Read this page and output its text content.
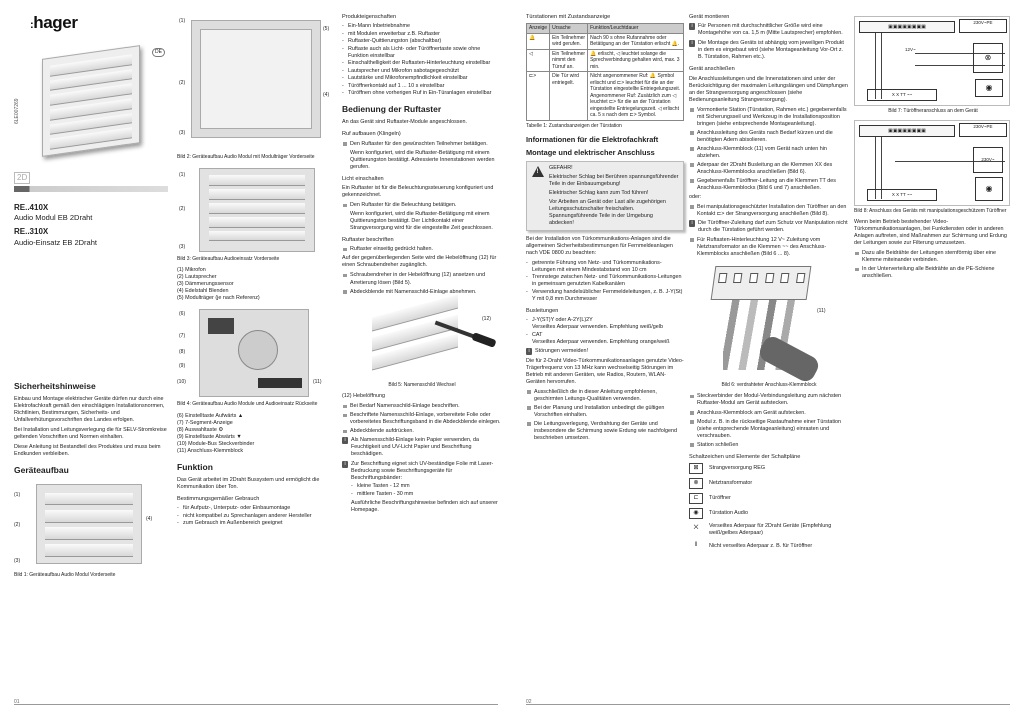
:hager
DE
6LE007269
2D
RE..410X
Audio Modul EB 2Draht
RE..310X
Audio-Einsatz EB 2Draht
Sicherheitshinweise
Einbau und Montage elektrischer Geräte dürfen nur durch eine Elektrofachkraft gemäß den einschlägigen Installationsnormen, Richtlinien, Bestimmungen, Sicherheits- und Unfallverhütungsvorschriften des Landes erfolgen.
Bei Installation und Leitungsverlegung die für SELV-Stromkreise geltenden Vorschriften und Normen einhalten.
Diese Anleitung ist Bestandteil des Produktes und muss beim Endkunden verbleiben.
Geräteaufbau
(1)
(2)
(3)
(4)
Bild 1: Geräteaufbau Audio Modul Vorderseite
(1)
(5)
(2)
(4)
(3)
Bild 2: Geräteaufbau Audio Modul mit Modulträger Vorderseite
(1)
(2)
(3)
Bild 3: Geräteaufbau Audioeinsatz Vorderseite
(1) Mikrofon
(2) Lautsprecher
(3) Dämmerungssensor
(4) Edelstahl Blenden
(5) Modulträger (je nach Referenz)
(6)
(7)
(8)
(9)
(10)	(11)
Bild 4: Geräteaufbau Audio Module und Audioeinsatz Rückseite
(6) Einstelltaste Aufwärts ▲
(7) 7-Segment-Anzeige
(8) Auswahltaste ⚙
(9) Einstelltaste Abwärts ▼
(10) Module-Bus Steckverbinder
(11) Anschluss-Klemmblock
Funktion
Das Gerät arbeitet im 2Draht Bussystem und ermöglicht die Kommunikation über Ton.
Bestimmungsgemäßer Gebrauch
- für Aufputz-, Unterputz- oder Einbaumontage
- nicht kompatibel zu Sprechanlagen anderer Hersteller
- zum Gebrauch im Außenbereich geeignet
Produkteigenschaften
- Ein-Mann Inbetriebnahme
- mit Modulen erweiterbar z.B. Ruftaster
- Ruftaster-Quittierungston (abschaltbar)
- Ruftaste auch als Licht- oder Türöffnertaste sowie ohne Funktion einstellbar
- Einschalthelligkeit der Ruftasten-Hinterleuchtung einstellbar
- Lautsprecher und Mikrofon sabotagegeschützt
- Lautstärke und Mikrofonempfindlichkeit einstellbar
- Türöffnerkontakt auf 1 ... 10 s einstellbar
- Türöffnen ohne vorherigen Ruf in Ein-Türanlagen einstellbar
Bedienung der Ruftaster
An das Gerät sind Ruftaster-Module angeschlossen.
Ruf aufbauen (Klingeln)
Den Ruftaster für den gewünschten Teilnehmer betätigen.
Wenn konfiguriert, wird die Ruftaster-Betätigung mit einem Quittierungston bestätigt. Adressierte Innenstationen werden gerufen.
Licht einschalten
Ein Ruftaster ist für die Beleuchtungssteuerung konfiguriert und gekennzeichnet.
Den Ruftaster für die Beleuchtung betätigen.
Wenn konfiguriert, wird die Ruftaster-Betätigung mit einem Quittierungston bestätigt. Der Lichtkontakt einer Strangversorgung wird für die eingestellte Zeit geschlossen.
Ruftaster beschriften
Ruftaster einseitig gedrückt halten.
Auf der gegenüberliegenden Seite wird die Hebelöffnung (12) für einen Schraubendreher zugänglich.
Schraubendreher in der Hebelöffnung (12) ansetzen und Arretierung lösen (Bild 5).
Abdeckblende mit Namensschild-Einlage abnehmen.
(12)
Bild 5: Namensschild Wechsel
(12) Hebelöffnung
Bei Bedarf Namensschild-Einlage beschriften.
Beschriftete Namensschild-Einlage, vorbereitete Folie oder vorbereitetes Beschriftungsband in die Abdeckblende einlegen.
Abdeckblende aufdrücken.
i	Als Namensschild-Einlage kein Papier verwenden, da Feuchtigkeit und UV-Licht Papier und Beschriftung beschädigen.
i	Zur Beschriftung eignet sich UV-beständige Folie mit Laser-Bedruckung sowie Beschriftungsgeräte für Beschriftungsbänder:
- kleine Tasten - 12 mm
- mittlere Tasten - 30 mm
Ausführliche Beschriftungshinweise befinden sich auf unserer Homepage.
01
Türstationen mit Zustandsanzeige
Anzeige	Ursache	Funktion/Leuchtdauer
🔔	Ein Teilnehmer wird gerufen.	Nach 90 s ohne Rufannahme oder Betätigung an der Türstation erlischt 🔔.
◁	Ein Teilnehmer nimmt den Türruf an.	🔔 erlischt, ◁ leuchtet solange die Sprechverbindung gehalten wird, max. 3 min.
⊏>	Die Tür wird entriegelt.	Nicht angenommener Ruf: 🔔 Symbol erlischt und ⊏> leuchtet für die an der Türstation eingestellte Entriegelungszeit. Angenommener Ruf: Zusätzlich zum ◁ leuchtet ⊏> für die an der Türstation eingestellte Entriegelungszeit. ◁ erlischt ca. 5 s nach dem ⊏> Symbol.
Tabelle 1: Zustandsanzeigen der Türstation
Informationen für die Elektrofachkraft
Montage und elektrischer Anschluss
!
GEFAHR!
Elektrischer Schlag bei Berühren spannungsführender Teile in der Einbauumgebung!
Elektrischer Schlag kann zum Tod führen!
Vor Arbeiten an Gerät oder Last alle zugehörigen Leitungsschutzschalter freischalten. Spannungsführende Teile in der Umgebung abdecken!
Bei der Installation von Türkommunikations-Anlagen sind die allgemeinen Sicherheitsbestimmungen für Fernmeldeanlagen nach VDE 0800 zu beachten:
- getrennte Führung von Netz- und Türkommunikations-Leitungen mit einem Mindestabstand von 10 cm
- Trennstege zwischen Netz- und Türkommunikations-Leitungen in gemeinsam genutzten Kabelkanälen
- Verwendung handelsüblicher Fernmeldeleitungen, z. B. J-Y(St) Y mit 0,8 mm Durchmesser
Busleitungen
- J-Y(ST)Y oder A-2Y(L)2Y
Verseiltes Aderpaar verwenden. Empfehlung weiß/gelb
- CAT
Verseiltes Aderpaar verwenden. Empfehlung orange/weiß
i	Störungen vermeiden!
Die für 2-Draht Video-Türkommunikationsanlagen genutzte Video-Trägerfrequenz von 13 MHz kann wechselseitig Störungen im Betrieb mit anderen Geräten, wie Radios, Routern, WLAN-Geräten hervorrufen.
Ausschließlich die in dieser Anleitung empfohlenen, geschirmten Leitungs-Qualitäten verwenden.
Bei der Planung und Installation unbedingt die gültigen Vorschriften einhalten.
Die Leitungsverlegung, Verdrahtung der Geräte und insbesondere die Schirmung sowie Erdung wie nachfolgend beschrieben umsetzen.
Gerät montieren
i	Für Personen mit durchschnittlicher Größe wird eine Montagehöhe von ca. 1,5 m (Mitte Lautsprecher) empfohlen.
i	Die Montage des Geräts ist abhängig vom jeweiligen Produkt in dem es eingebaut wird (siehe Montageanleitung Vor-Ort z. B. Türstation, Rahmen etc.).
Gerät anschließen
Die Anschlussleitungen und die Innenstationen sind unter der Berücksichtigung der maximalen Leitungslängen und Dämpfungen an der Strangversorgung angeschlossen (siehe Bedienungsanleitung Strangversorgung).
Vormontierte Station (Türstation, Rahmen etc.) gegebenenfalls mit Sicherungsseil und Werkzeug in die Installationsposition bringen (siehe entsprechende Montageanleitung).
Anschlussleitung des Geräts nach Bedarf kürzen und die benötigten Adern abisolieren.
Anschluss-Klemmblock (11) vom Gerät nach unten hin abziehen.
Aderpaar der 2Draht Busleitung an die Klemmen XX des Anschluss-Klemmblocks anschließen (Bild 6).
Gegebenenfalls Türöffner-Leitung an die Klemmen TT des Anschluss-Klemmblocks (Bild 6 und 7) anschließen.
oder:
Bei manipulationsgeschützter Installation den Türöffner an den Kontakt ⊏> der Strangversorgung anschließen (Bild 8).
i	Die Türöffner-Zuleitung darf zum Schutz vor Manipulation nicht durch die Türstation geführt werden.
Für Ruftasten-Hinterleuchtung 12 V~ Zuleitung vom Netztransformator an die Klemmen ~~ des Anschluss-Klemmblocks anschließen (Bild 6 ... 8).
(11)
Bild 6: verdrahteter Anschluss-Klemmblock
Steckverbinder der Modul-Verbindungsleitung zum nächsten Ruftaster-Modul am Gerät aufstecken.
Anschluss-Klemmblock am Gerät aufstecken.
Modul z. B. in die rückseitige Rastaufnahme einer Türstation (siehe entsprechende Montageanleitung) einrasten und verschrauben.
Station schließen
Schaltzeichen und Elemente der Schaltpläne
⊠	Strangversorgung REG
⊗	Netztransformator
⊏	Türöffner
◉	Türstation Audio
⨉	Verseiltes Aderpaar für 2Draht Geräte (Empfehlung weiß/gelbes Aderpaar)
‖	Nicht verseiltes Aderpaar z. B. für Türöffner
▣▣▣▣▣▣▣▣
230V~PE
⊗
12V~
◉
X X TT ~~
Bild 7: Türöffneranschluss an dem Gerät
▣▣▣▣▣▣▣▣
230V~PE
230V~
◉
X X TT ~~
Bild 8: Anschluss des Geräts mit manipulationsgeschützem Türöffner
Wenn beim Betrieb bestehender Video-Türkommunikationsanlagen, bei Funkdiensten oder in anderen Anlagen auftreten, sind Maßnahmen zur Schirmung und Erdung der Leitungen sowie zur Filterung umzusetzen.
Dazu alle Beidrähte der Leitungen sternförmig über eine Klemme miteinander verbinden.
In der Unterverteilung alle Beidrähte an die PE-Schiene anschließen.
02
